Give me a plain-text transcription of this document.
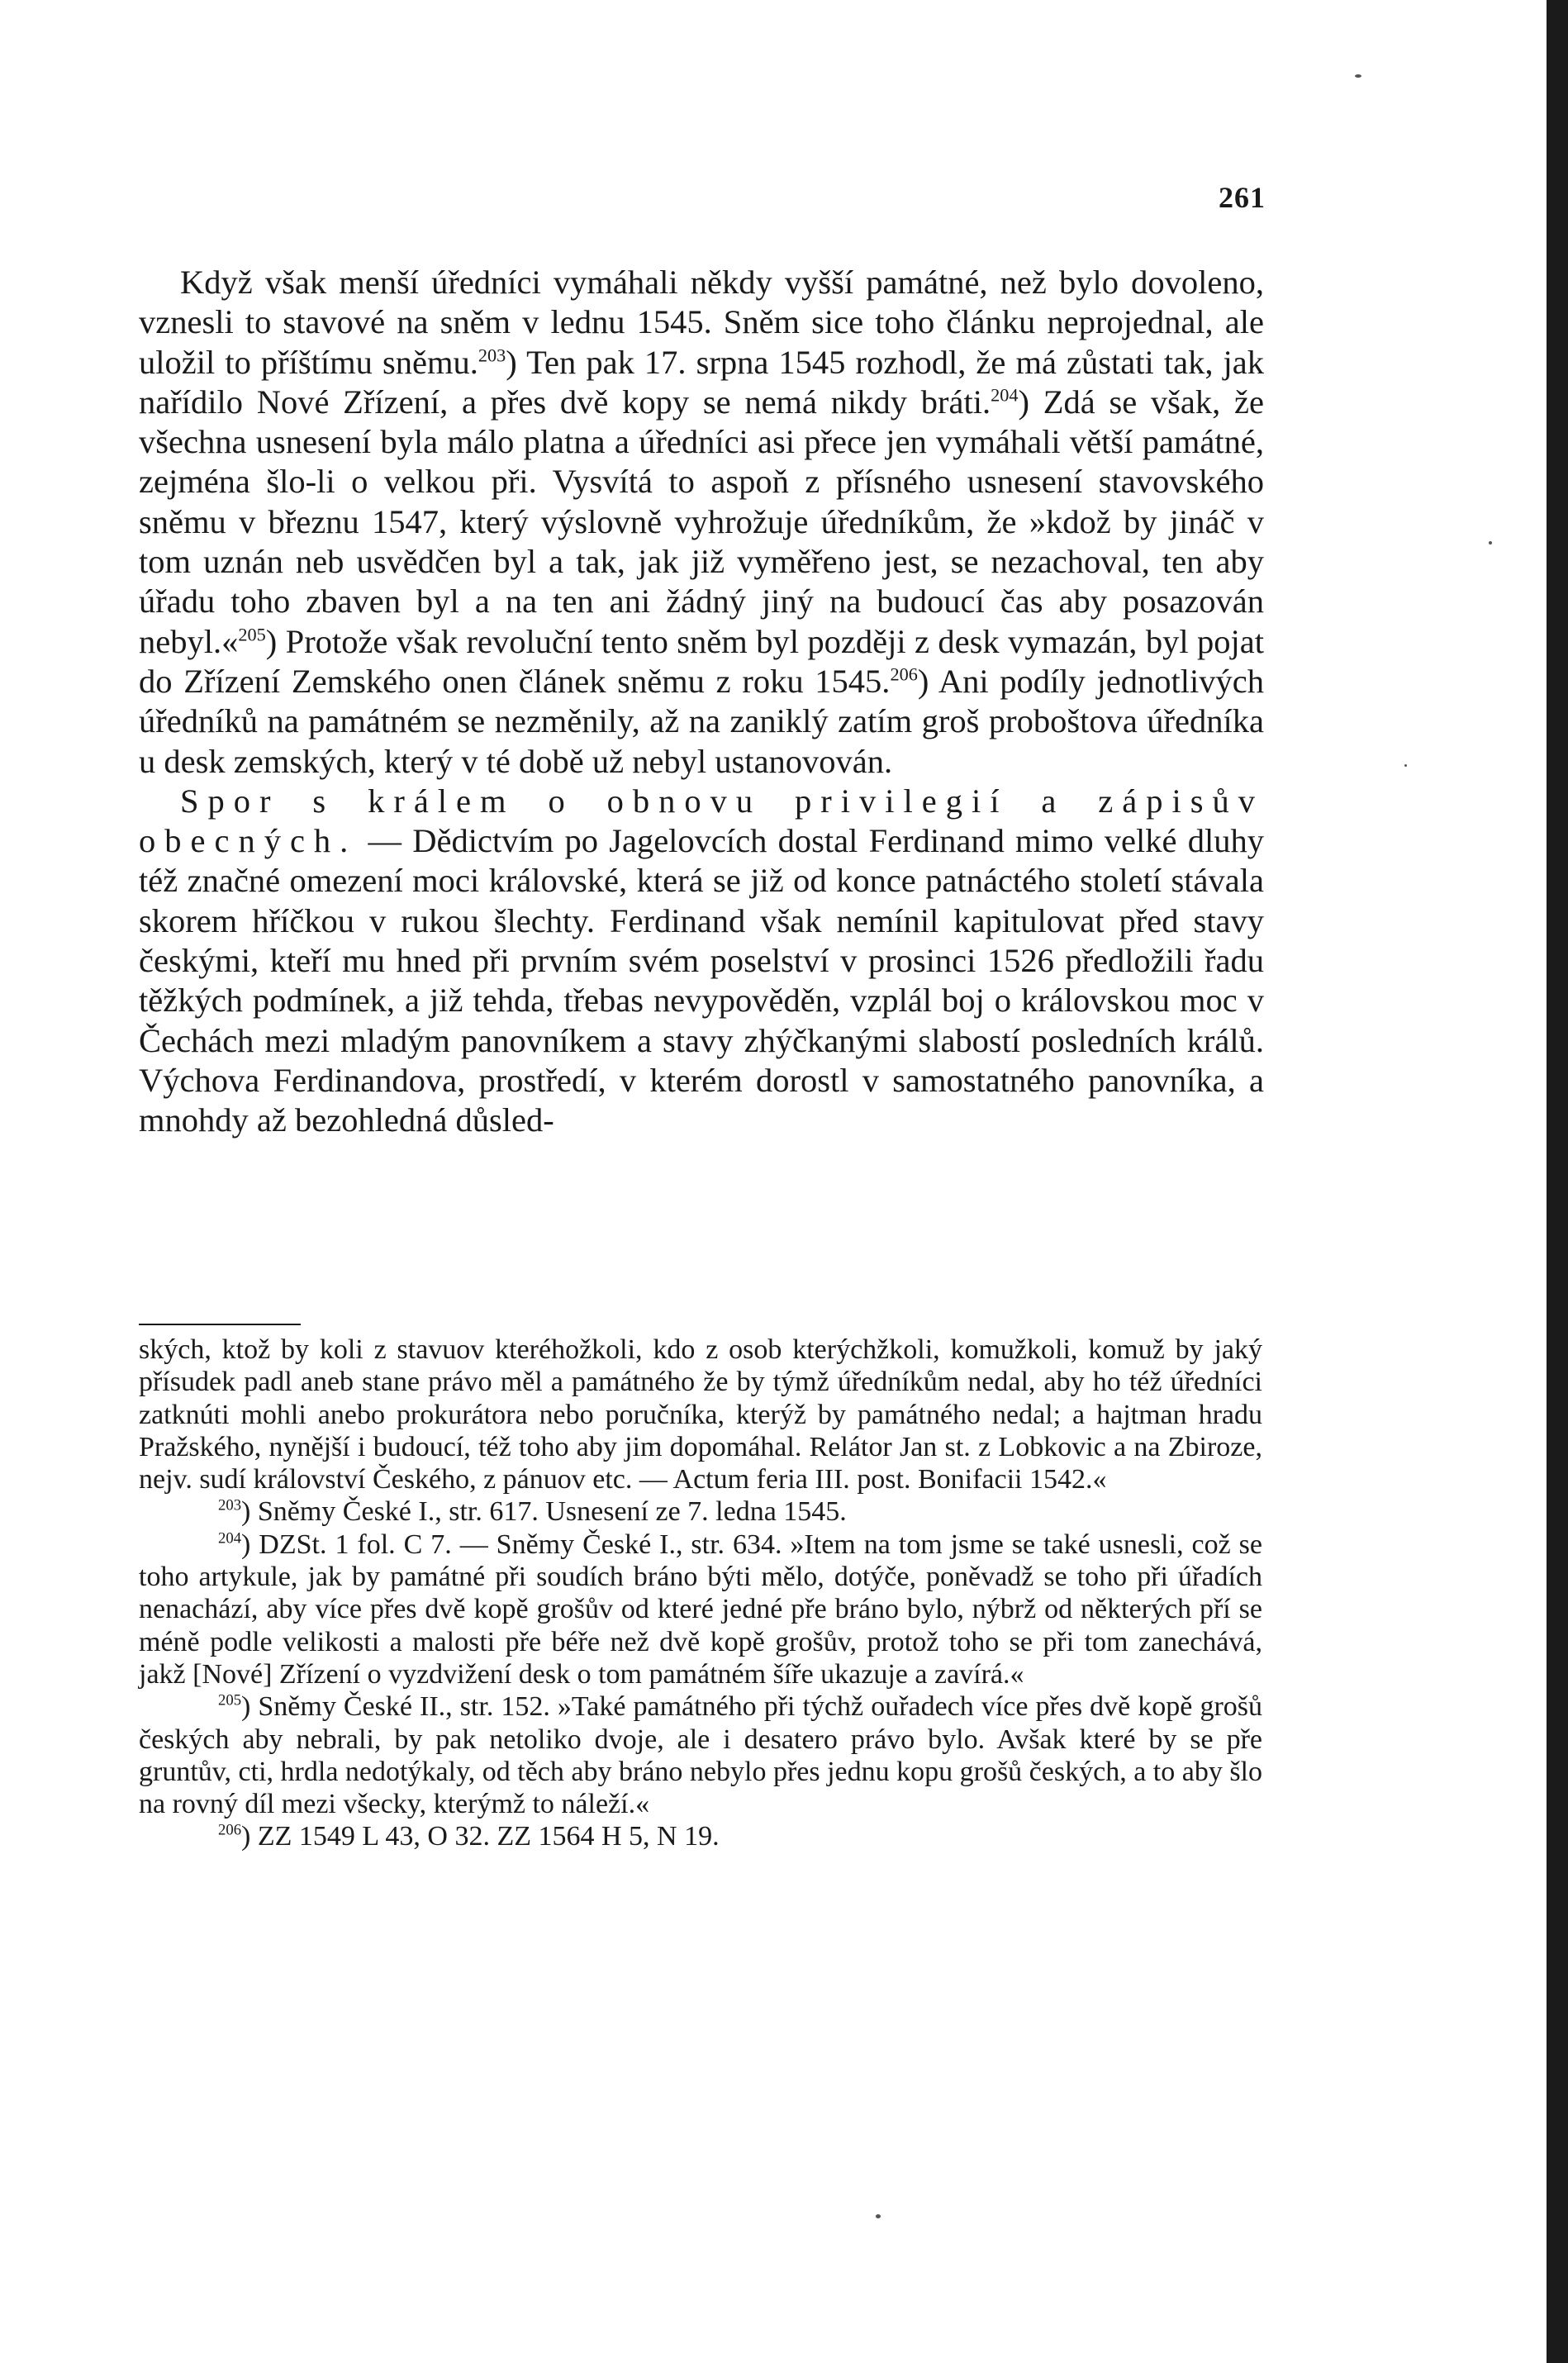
261

Když však menší úředníci vymáhali někdy vyšší památné, než bylo dovoleno, vznesli to stavové na sněm v lednu 1545. Sněm sice toho článku neprojednal, ale uložil to příštímu sněmu.$^{203}$) Ten pak 17. srpna 1545 rozhodl, že má zůstati tak, jak nařídilo Nové Zřízení, a přes dvě kopy se nemá nikdy bráti.$^{204}$) Zdá se však, že všechna usnesení byla málo platna a úředníci asi přece jen vymáhali větší památné, zejména šlo-li o velkou při. Vysvítá to aspoň z přísného usnesení stavovského sněmu v březnu 1547, který výslovně vyhrožuje úředníkům, že »kdož by jináč v tom uznán neb usvědčen byl a tak, jak již vyměřeno jest, se nezachoval, ten aby úřadu toho zbaven byl a na ten ani žádný jiný na budoucí čas aby posazován nebyl.«$^{205}$) Protože však revoluční tento sněm byl později z desk vymazán, byl pojat do Zřízení Zemského onen článek sněmu z roku 1545.$^{206}$) Ani podíly jednotlivých úředníků na památném se nezměnily, až na zaniklý zatím groš proboštova úředníka u desk zemských, který v té době už nebyl ustanovován.

Spor s králem o obnovu privilegií a zápisův obecných. — Dědictvím po Jagelovcích dostal Ferdinand mimo velké dluhy též značné omezení moci královské, která se již od konce patnáctého století stávala skorem hříčkou v rukou šlechty. Ferdinand však nemínil kapitulovat před stavy českými, kteří mu hned při prvním svém poselství v prosinci 1526 předložili řadu těžkých podmínek, a již tehda, třebas nevypověděn, vzplál boj o královskou moc v Čechách mezi mladým panovníkem a stavy zhýčkanými slabostí posledních králů. Výchova Ferdinandova, prostředí, v kterém dorostl v samostatného panovníka, a mnohdy až bezohledná důsled-

ských, ktož by koli z stavuov kteréhožkoli, kdo z osob kterýchžkoli, komužkoli, komuž by jaký přísudek padl aneb stane právo měl a památného že by týmž úředníkům nedal, aby ho též úředníci zatknúti mohli anebo prokurátora nebo poručníka, kterýž by památného nedal; a hajtman hradu Pražského, nynější i budoucí, též toho aby jim dopomáhal. Relátor Jan st. z Lobkovic a na Zbiroze, nejv. sudí království Českého, z pánuov etc. — Actum feria III. post. Bonifacii 1542.«

$^{203}$) Sněmy České I., str. 617. Usnesení ze 7. ledna 1545.

$^{204}$) DZSt. 1 fol. C 7. — Sněmy České I., str. 634. »Item na tom jsme se také usnesli, což se toho artykule, jak by památné při soudích bráno býti mělo, dotýče, poněvadž se toho při úřadích nenachází, aby více přes dvě kopě grošův od které jedné pře bráno bylo, nýbrž od některých pří se méně podle velikosti a malosti pře béře než dvě kopě grošův, protož toho se při tom zanechává, jakž [Nové] Zřízení o vyzdvižení desk o tom památném šíře ukazuje a zavírá.«

$^{205}$) Sněmy České II., str. 152. »Také památného při týchž ouřadech více přes dvě kopě grošů českých aby nebrali, by pak netoliko dvoje, ale i desatero právo bylo. Avšak které by se pře gruntův, cti, hrdla nedotýkaly, od těch aby bráno nebylo přes jednu kopu grošů českých, a to aby šlo na rovný díl mezi všecky, kterýmž to náleží.«

$^{206}$) ZZ 1549 L 43, O 32. ZZ 1564 H 5, N 19.
